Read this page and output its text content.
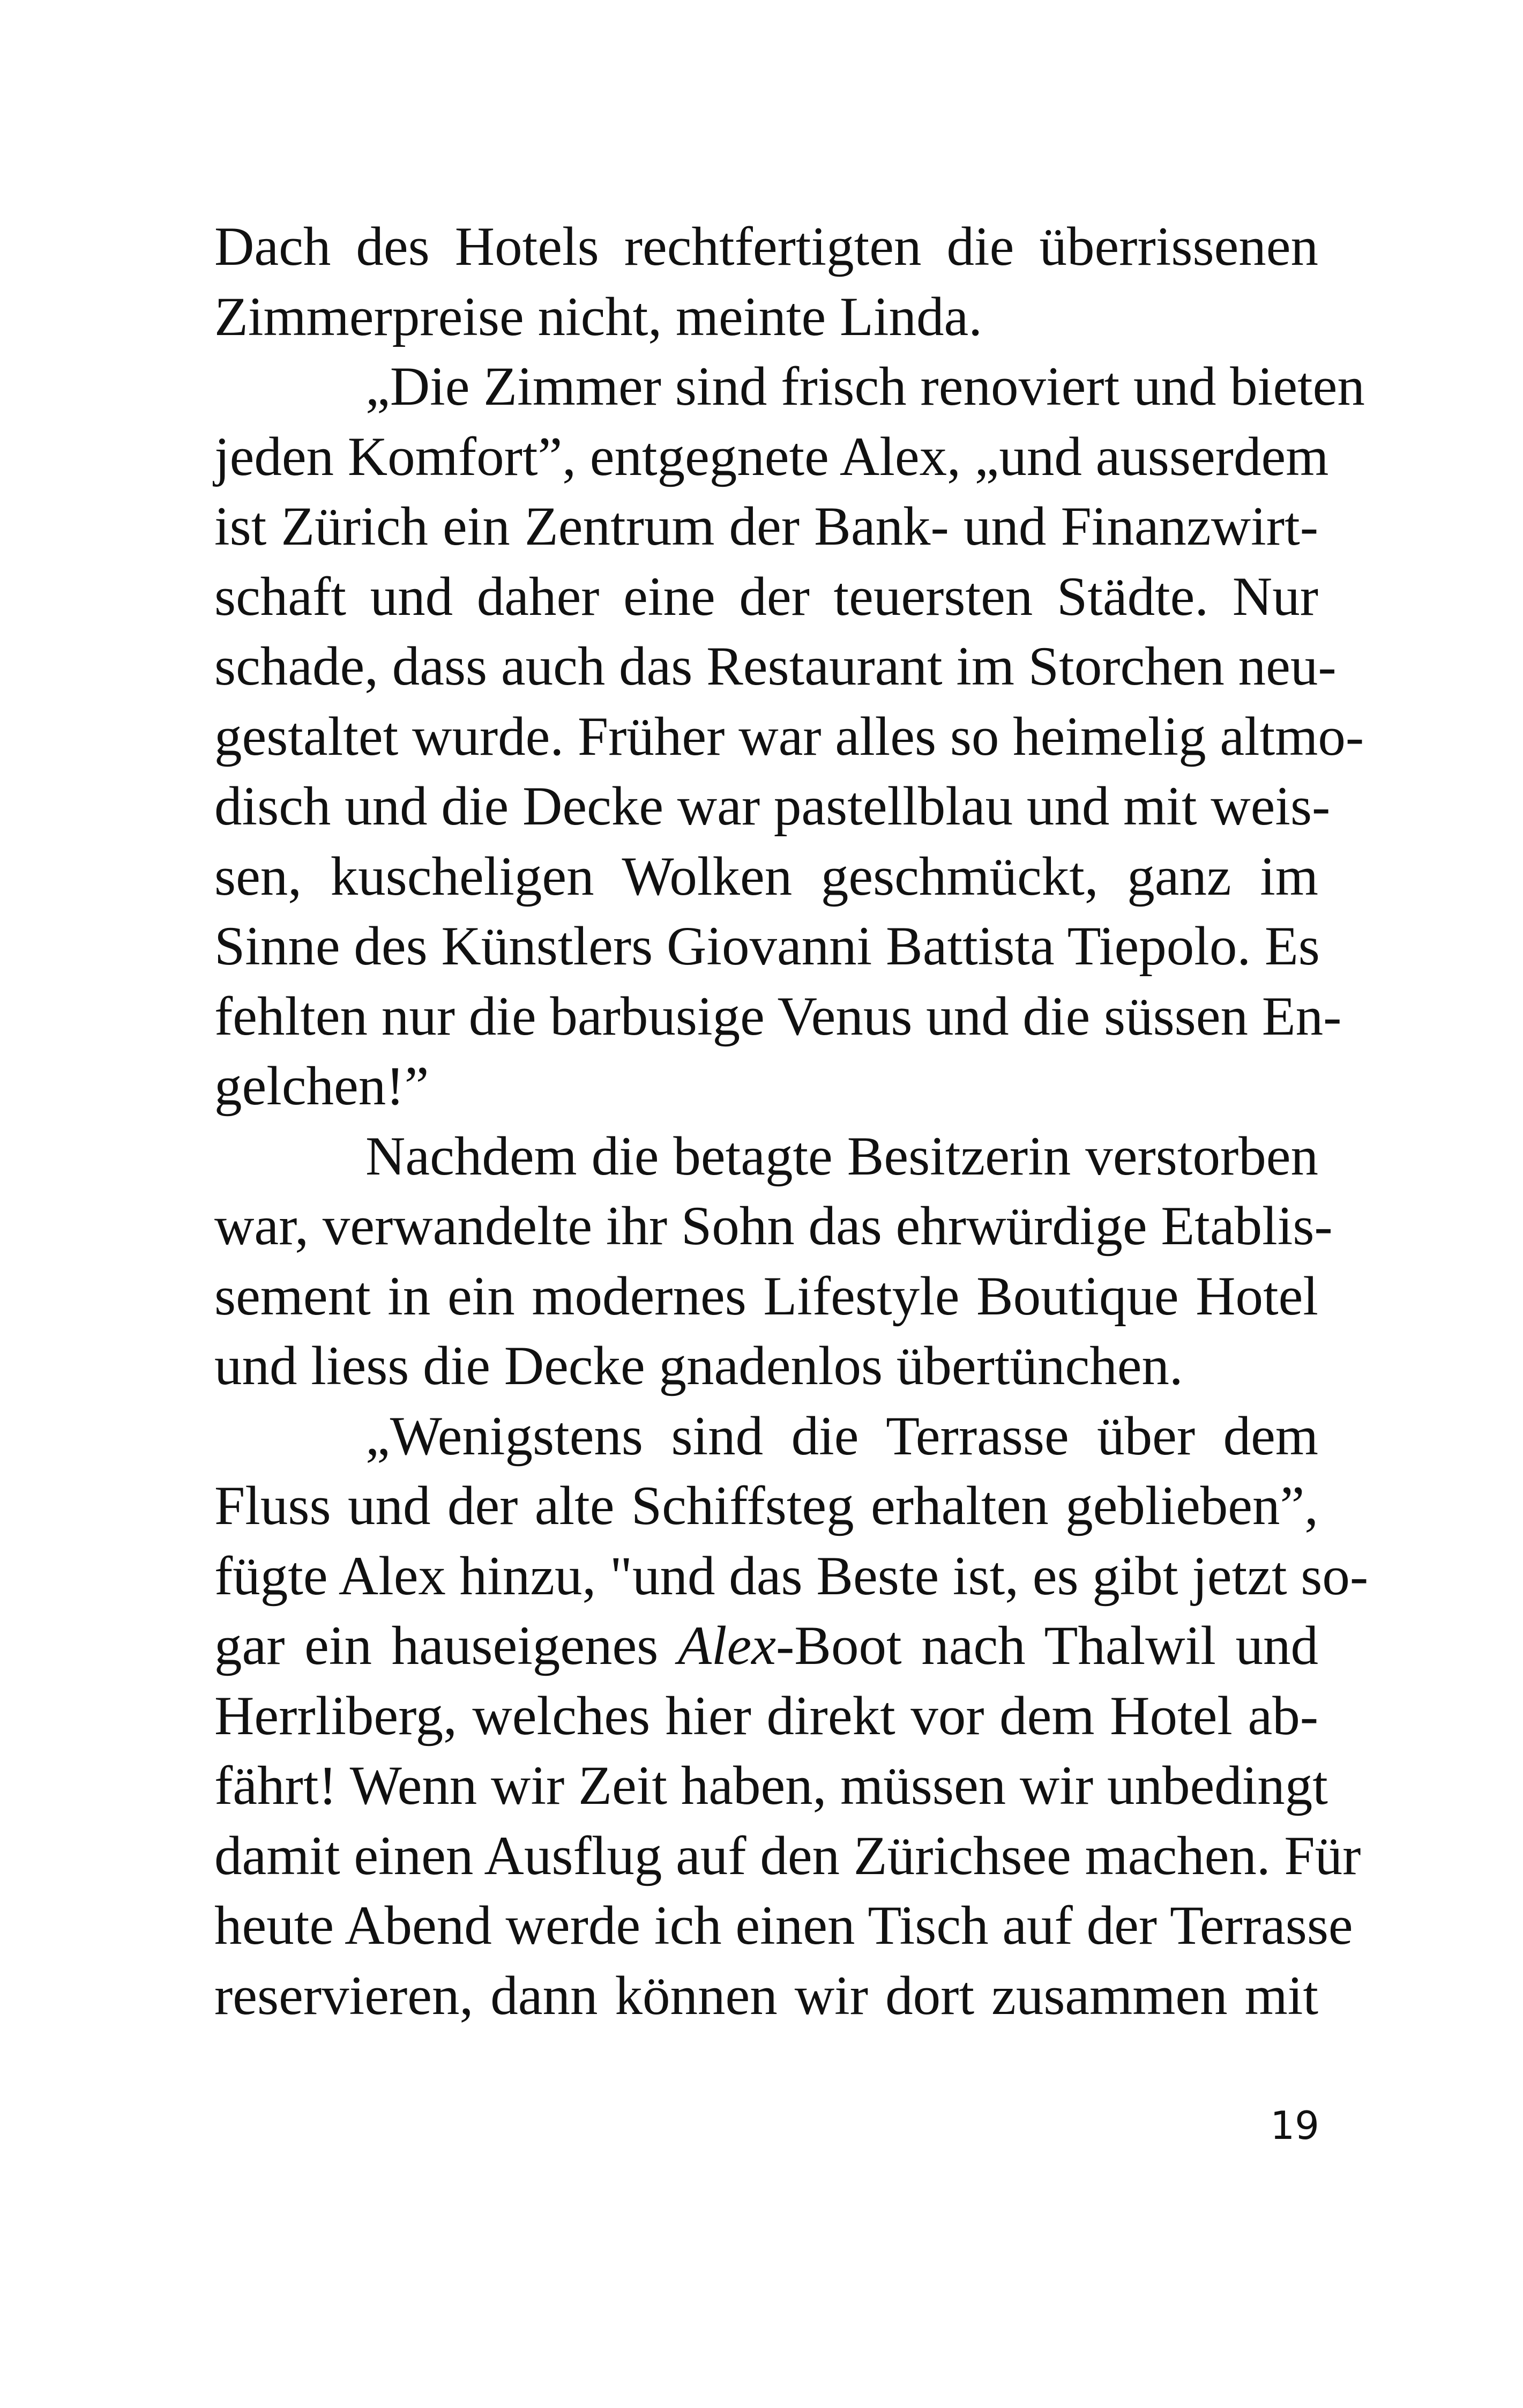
Dach des Hotels rechtfertigten die überrissenen
Zimmerpreise nicht, meinte Linda.
„Die Zimmer sind frisch renoviert und bieten
jeden Komfort”, entgegnete Alex, „und ausserdem
ist Zürich ein Zentrum der Bank- und Finanzwirt-
schaft und daher eine der teuersten Städte. Nur
schade, dass auch das Restaurant im Storchen neu-
gestaltet wurde. Früher war alles so heimelig altmo-
disch und die Decke war pastellblau und mit weis-
sen, kuscheligen Wolken geschmückt, ganz im
Sinne des Künstlers Giovanni Battista Tiepolo. Es
fehlten nur die barbusige Venus und die süssen En-
gelchen!”
Nachdem die betagte Besitzerin verstorben
war, verwandelte ihr Sohn das ehrwürdige Etablis-
sement in ein modernes Lifestyle Boutique Hotel
und liess die Decke gnadenlos übertünchen.
„Wenigstens sind die Terrasse über dem
Fluss und der alte Schiffsteg erhalten geblieben”,
fügte Alex hinzu, "und das Beste ist, es gibt jetzt so-
gar ein hauseigenes Alex-Boot nach Thalwil und
Herrliberg, welches hier direkt vor dem Hotel ab-
fährt! Wenn wir Zeit haben, müssen wir unbedingt
damit einen Ausflug auf den Zürichsee machen. Für
heute Abend werde ich einen Tisch auf der Terrasse
reservieren, dann können wir dort zusammen mit
19
